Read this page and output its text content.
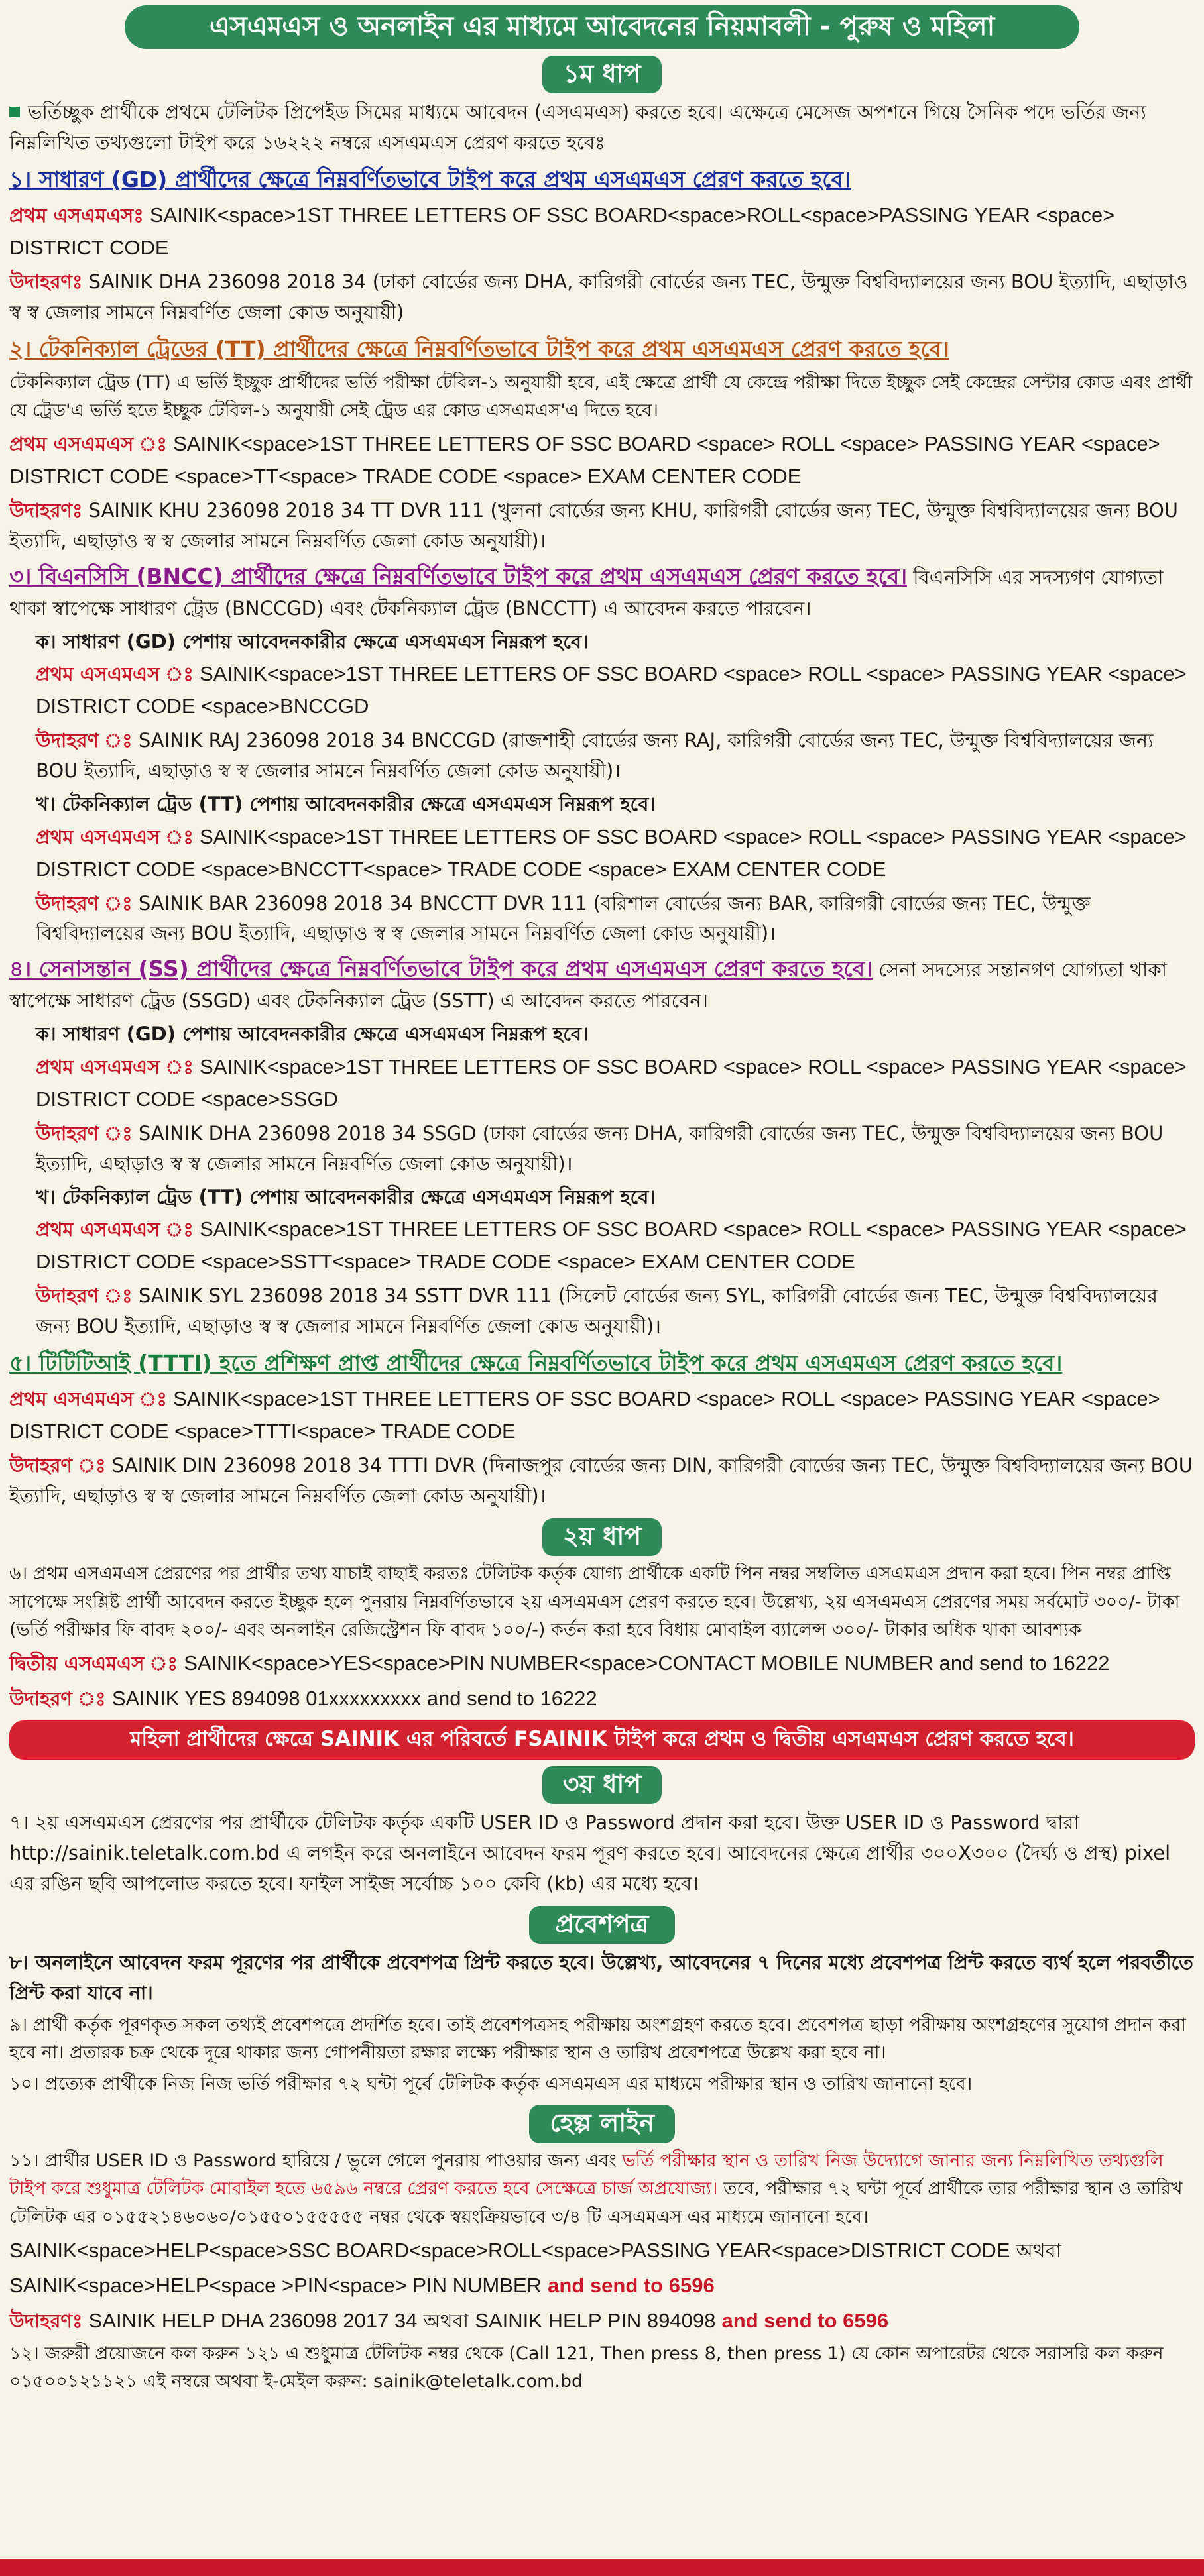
এসএমএস ও অনলাইন এর মাধ্যমে আবেদনের নিয়মাবলী - পুরুষ ও মহিলা
১ম ধাপ
ভর্তিচ্ছুক প্রার্থীকে প্রথমে টেলিটক প্রিপেইড সিমের মাধ্যমে আবেদন (এসএমএস) করতে হবে। এক্ষেত্রে মেসেজ অপশনে গিয়ে সৈনিক পদে ভর্তির জন্য নিম্নলিখিত তথ্যগুলো টাইপ করে ১৬২২২ নম্বরে এসএমএস প্রেরণ করতে হবেঃ
১। সাধারণ (GD) প্রার্থীদের ক্ষেত্রে নিম্নবর্ণিতভাবে টাইপ করে প্রথম এসএমএস প্রেরণ করতে হবে।
প্রথম এসএমএসঃ SAINIK<space>1ST THREE LETTERS OF SSC BOARD<space>ROLL<space>PASSING YEAR <space> DISTRICT CODE
উদাহরণঃ SAINIK DHA 236098 2018 34 (ঢাকা বোর্ডের জন্য DHA, কারিগরী বোর্ডের জন্য TEC, উন্মুক্ত বিশ্ববিদ্যালয়ের জন্য BOU ইত্যাদি, এছাড়াও স্ব স্ব জেলার সামনে নিম্নবর্ণিত জেলা কোড অনুযায়ী)
২। টেকনিক্যাল ট্রেডের (TT) প্রার্থীদের ক্ষেত্রে নিম্নবর্ণিতভাবে টাইপ করে প্রথম এসএমএস প্রেরণ করতে হবে।
টেকনিক্যাল ট্রেড (TT) এ ভর্তি ইচ্ছুক প্রার্থীদের ভর্তি পরীক্ষা টেবিল-১ অনুযায়ী হবে, এই ক্ষেত্রে প্রার্থী যে কেন্দ্রে পরীক্ষা দিতে ইচ্ছুক সেই কেন্দ্রের সেন্টার কোড এবং প্রার্থী যে ট্রেড'এ ভর্তি হতে ইচ্ছুক টেবিল-১ অনুযায়ী সেই ট্রেড এর কোড এসএমএস'এ দিতে হবে।
প্রথম এসএমএস ঃ SAINIK<space>1ST THREE LETTERS OF SSC BOARD <space> ROLL <space> PASSING YEAR <space> DISTRICT CODE <space>TT<space> TRADE CODE <space> EXAM CENTER CODE
উদাহরণঃ SAINIK KHU 236098 2018 34 TT DVR 111 (খুলনা বোর্ডের জন্য KHU, কারিগরী বোর্ডের জন্য TEC, উন্মুক্ত বিশ্ববিদ্যালয়ের জন্য BOU ইত্যাদি, এছাড়াও স্ব স্ব জেলার সামনে নিম্নবর্ণিত জেলা কোড অনুযায়ী)।
৩। বিএনসিসি (BNCC) প্রার্থীদের ক্ষেত্রে নিম্নবর্ণিতভাবে টাইপ করে প্রথম এসএমএস প্রেরণ করতে হবে। বিএনসিসি এর সদস্যগণ যোগ্যতা থাকা স্বাপেক্ষে সাধারণ ট্রেড (BNCCGD) এবং টেকনিক্যাল ট্রেড (BNCCTT) এ আবেদন করতে পারবেন।
ক। সাধারণ (GD) পেশায় আবেদনকারীর ক্ষেত্রে এসএমএস নিম্নরূপ হবে।
প্রথম এসএমএস ঃ SAINIK<space>1ST THREE LETTERS OF SSC BOARD <space> ROLL <space> PASSING YEAR <space> DISTRICT CODE <space>BNCCGD
উদাহরণ ঃ SAINIK RAJ 236098 2018 34 BNCCGD (রাজশাহী বোর্ডের জন্য RAJ, কারিগরী বোর্ডের জন্য TEC, উন্মুক্ত বিশ্ববিদ্যালয়ের জন্য BOU ইত্যাদি, এছাড়াও স্ব স্ব জেলার সামনে নিম্নবর্ণিত জেলা কোড অনুযায়ী)।
খ। টেকনিক্যাল ট্রেড (TT) পেশায় আবেদনকারীর ক্ষেত্রে এসএমএস নিম্নরূপ হবে।
প্রথম এসএমএস ঃ SAINIK<space>1ST THREE LETTERS OF SSC BOARD <space> ROLL <space> PASSING YEAR <space> DISTRICT CODE <space>BNCCTT<space> TRADE CODE <space> EXAM CENTER CODE
উদাহরণ ঃ SAINIK BAR 236098 2018 34 BNCCTT DVR 111 (বরিশাল বোর্ডের জন্য BAR, কারিগরী বোর্ডের জন্য TEC, উন্মুক্ত বিশ্ববিদ্যালয়ের জন্য BOU ইত্যাদি, এছাড়াও স্ব স্ব জেলার সামনে নিম্নবর্ণিত জেলা কোড অনুযায়ী)।
৪। সেনাসন্তান (SS) প্রার্থীদের ক্ষেত্রে নিম্নবর্ণিতভাবে টাইপ করে প্রথম এসএমএস প্রেরণ করতে হবে। সেনা সদস্যের সন্তানগণ যোগ্যতা থাকা স্বাপেক্ষে সাধারণ ট্রেড (SSGD) এবং টেকনিক্যাল ট্রেড (SSTT) এ আবেদন করতে পারবেন।
ক। সাধারণ (GD) পেশায় আবেদনকারীর ক্ষেত্রে এসএমএস নিম্নরূপ হবে।
প্রথম এসএমএস ঃ SAINIK<space>1ST THREE LETTERS OF SSC BOARD <space> ROLL <space> PASSING YEAR <space> DISTRICT CODE <space>SSGD
উদাহরণ ঃ SAINIK DHA 236098 2018 34 SSGD (ঢাকা বোর্ডের জন্য DHA, কারিগরী বোর্ডের জন্য TEC, উন্মুক্ত বিশ্ববিদ্যালয়ের জন্য BOU ইত্যাদি, এছাড়াও স্ব স্ব জেলার সামনে নিম্নবর্ণিত জেলা কোড অনুযায়ী)।
খ। টেকনিক্যাল ট্রেড (TT) পেশায় আবেদনকারীর ক্ষেত্রে এসএমএস নিম্নরূপ হবে।
প্রথম এসএমএস ঃ SAINIK<space>1ST THREE LETTERS OF SSC BOARD <space> ROLL <space> PASSING YEAR <space> DISTRICT CODE <space>SSTT<space> TRADE CODE <space> EXAM CENTER CODE
উদাহরণ ঃ SAINIK SYL 236098 2018 34 SSTT DVR 111 (সিলেট বোর্ডের জন্য SYL, কারিগরী বোর্ডের জন্য TEC, উন্মুক্ত বিশ্ববিদ্যালয়ের জন্য BOU ইত্যাদি, এছাড়াও স্ব স্ব জেলার সামনে নিম্নবর্ণিত জেলা কোড অনুযায়ী)।
৫। টিটিটিআই (TTTI) হতে প্রশিক্ষণ প্রাপ্ত প্রার্থীদের ক্ষেত্রে নিম্নবর্ণিতভাবে টাইপ করে প্রথম এসএমএস প্রেরণ করতে হবে।
প্রথম এসএমএস ঃ SAINIK<space>1ST THREE LETTERS OF SSC BOARD <space> ROLL <space> PASSING YEAR <space> DISTRICT CODE <space>TTTI<space> TRADE CODE
উদাহরণ ঃ SAINIK DIN 236098 2018 34 TTTI DVR (দিনাজপুর বোর্ডের জন্য DIN, কারিগরী বোর্ডের জন্য TEC, উন্মুক্ত বিশ্ববিদ্যালয়ের জন্য BOU ইত্যাদি, এছাড়াও স্ব স্ব জেলার সামনে নিম্নবর্ণিত জেলা কোড অনুযায়ী)।
২য় ধাপ
৬। প্রথম এসএমএস প্রেরণের পর প্রার্থীর তথ্য যাচাই বাছাই করতঃ টেলিটক কর্তৃক যোগ্য প্রার্থীকে একটি পিন নম্বর সম্বলিত এসএমএস প্রদান করা হবে। পিন নম্বর প্রাপ্তি সাপেক্ষে সংশ্লিষ্ট প্রার্থী আবেদন করতে ইচ্ছুক হলে পুনরায় নিম্নবর্ণিতভাবে ২য় এসএমএস প্রেরণ করতে হবে। উল্লেখ্য, ২য় এসএমএস প্রেরণের সময় সর্বমোট ৩০০/- টাকা (ভর্তি পরীক্ষার ফি বাবদ ২০০/- এবং অনলাইন রেজিস্ট্রেশন ফি বাবদ ১০০/-) কর্তন করা হবে বিধায় মোবাইল ব্যালেন্স ৩০০/- টাকার অধিক থাকা আবশ্যক
দ্বিতীয় এসএমএস ঃ SAINIK<space>YES<space>PIN NUMBER<space>CONTACT MOBILE NUMBER and send to 16222
উদাহরণ ঃ SAINIK YES 894098 01xxxxxxxxx and send to 16222
মহিলা প্রার্থীদের ক্ষেত্রে SAINIK এর পরিবর্তে FSAINIK টাইপ করে প্রথম ও দ্বিতীয় এসএমএস প্রেরণ করতে হবে।
৩য় ধাপ
৭। ২য় এসএমএস প্রেরণের পর প্রার্থীকে টেলিটক কর্তৃক একটি USER ID ও Password প্রদান করা হবে। উক্ত USER ID ও Password দ্বারা http://sainik.teletalk.com.bd এ লগইন করে অনলাইনে আবেদন ফরম পূরণ করতে হবে। আবেদনের ক্ষেত্রে প্রার্থীর ৩০০X৩০০ (দৈর্ঘ্য ও প্রস্থ) pixel এর রঙিন ছবি আপলোড করতে হবে। ফাইল সাইজ সর্বোচ্চ ১০০ কেবি (kb) এর মধ্যে হবে।
প্রবেশপত্র
৮। অনলাইনে আবেদন ফরম পূরণের পর প্রার্থীকে প্রবেশপত্র প্রিন্ট করতে হবে। উল্লেখ্য, আবেদনের ৭ দিনের মধ্যে প্রবেশপত্র প্রিন্ট করতে ব্যর্থ হলে পরবর্তীতে প্রিন্ট করা যাবে না।
৯। প্রার্থী কর্তৃক পূরণকৃত সকল তথ্যই প্রবেশপত্রে প্রদর্শিত হবে। তাই প্রবেশপত্রসহ পরীক্ষায় অংশগ্রহণ করতে হবে। প্রবেশপত্র ছাড়া পরীক্ষায় অংশগ্রহণের সুযোগ প্রদান করা হবে না। প্রতারক চক্র থেকে দূরে থাকার জন্য গোপনীয়তা রক্ষার লক্ষ্যে পরীক্ষার স্থান ও তারিখ প্রবেশপত্রে উল্লেখ করা হবে না।
১০। প্রত্যেক প্রার্থীকে নিজ নিজ ভর্তি পরীক্ষার ৭২ ঘন্টা পূর্বে টেলিটক কর্তৃক এসএমএস এর মাধ্যমে পরীক্ষার স্থান ও তারিখ জানানো হবে।
হেল্প লাইন
১১। প্রার্থীর USER ID ও Password হারিয়ে / ভুলে গেলে পুনরায় পাওয়ার জন্য এবং ভর্তি পরীক্ষার স্থান ও তারিখ নিজ উদ্যোগে জানার জন্য নিম্নলিখিত তথ্যগুলি টাইপ করে শুধুমাত্র টেলিটক মোবাইল হতে ৬৫৯৬ নম্বরে প্রেরণ করতে হবে সেক্ষেত্রে চার্জ অপ্রযোজ্য। তবে, পরীক্ষার ৭২ ঘন্টা পূর্বে প্রার্থীকে তার পরীক্ষার স্থান ও তারিখ টেলিটক এর ০১৫৫২১৪৬০৬০/০১৫৫০১৫৫৫৫৫ নম্বর থেকে স্বয়ংক্রিয়ভাবে ৩/৪ টি এসএমএস এর মাধ্যমে জানানো হবে।
SAINIK<space>HELP<space>SSC BOARD<space>ROLL<space>PASSING YEAR<space>DISTRICT CODE অথবা
SAINIK<space>HELP<space >PIN<space> PIN NUMBER and send to 6596
উদাহরণঃ SAINIK HELP DHA 236098 2017 34 অথবা SAINIK HELP PIN 894098 and send to 6596
১২। জরুরী প্রয়োজনে কল করুন ১২১ এ শুধুমাত্র টেলিটক নম্বর থেকে (Call 121, Then press 8, then press 1) যে কোন অপারেটর থেকে সরাসরি কল করুন ০১৫০০১২১১২১ এই নম্বরে অথবা ই-মেইল করুন: sainik@teletalk.com.bd
